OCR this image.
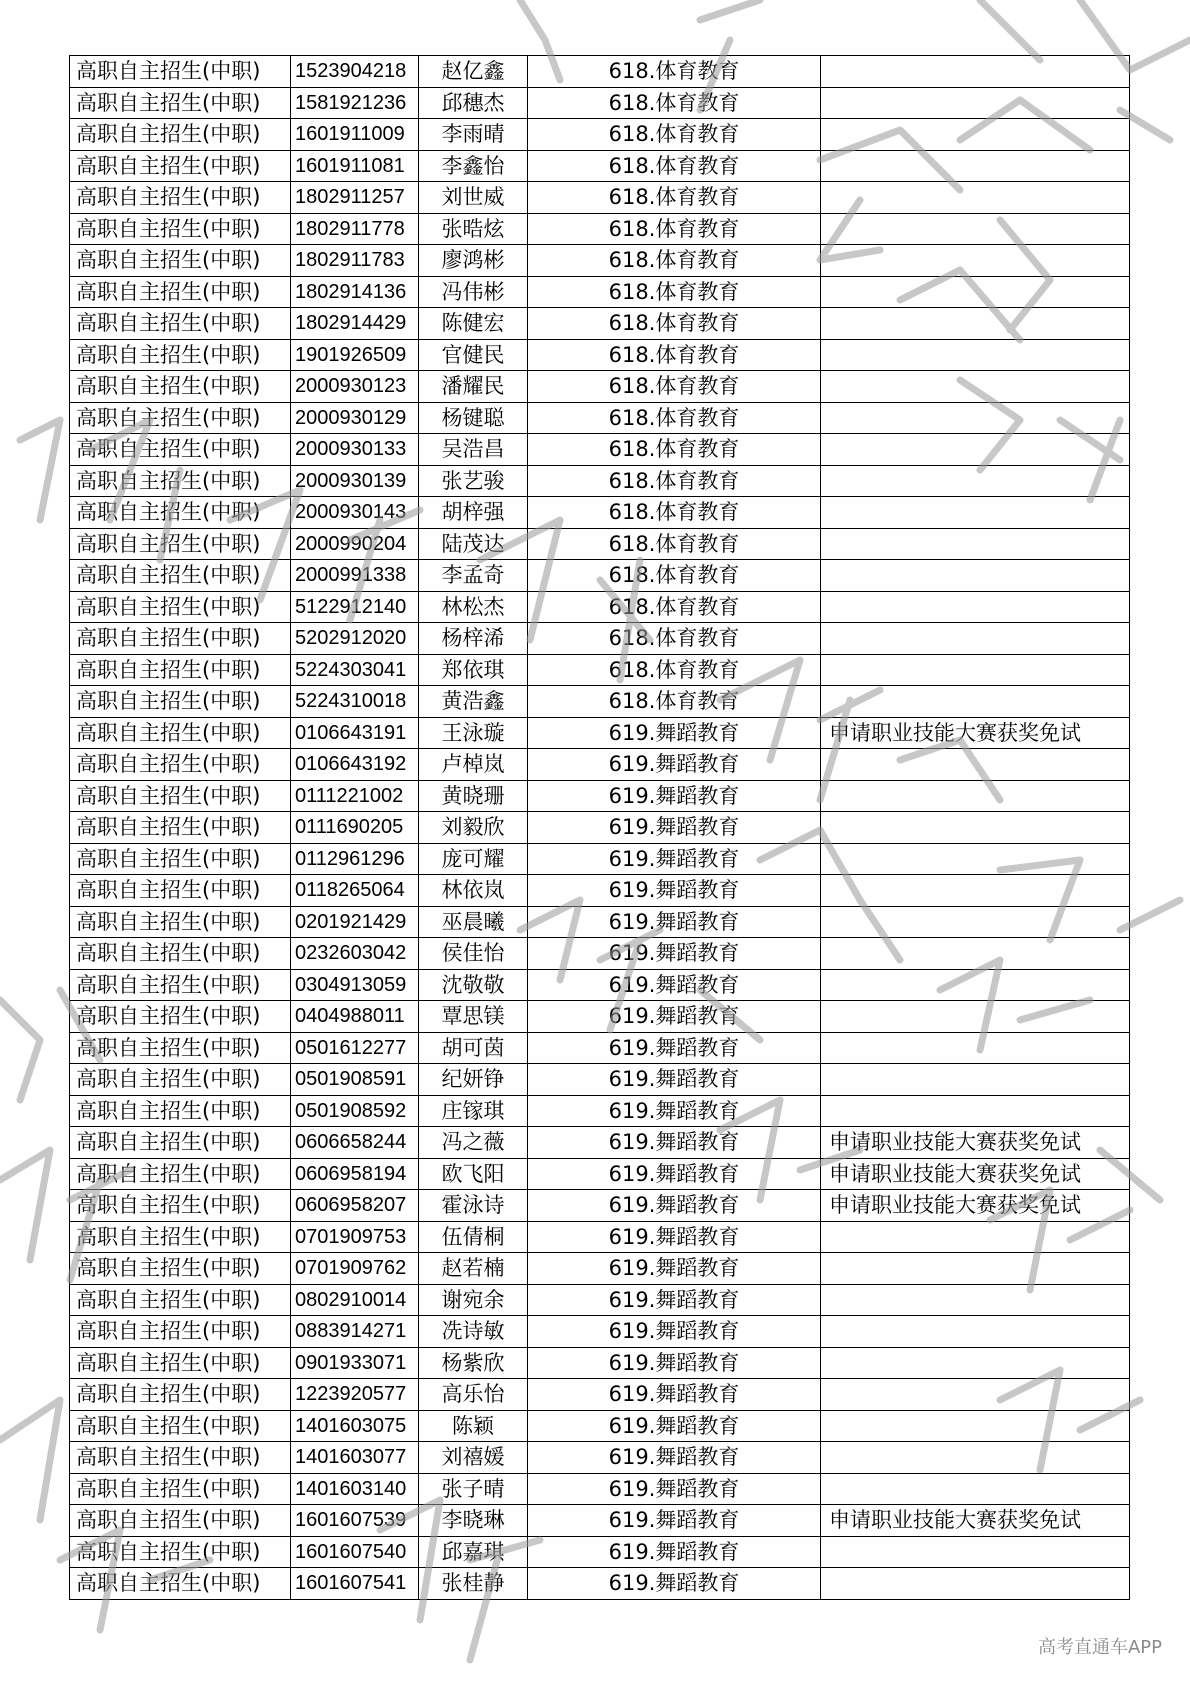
高职自主招生(中职)	1523904218	赵亿鑫	618.体育教育	
高职自主招生(中职)	1581921236	邱穗杰	618.体育教育	
高职自主招生(中职)	1601911009	李雨晴	618.体育教育	
高职自主招生(中职)	1601911081	李鑫怡	618.体育教育	
高职自主招生(中职)	1802911257	刘世威	618.体育教育	
高职自主招生(中职)	1802911778	张晧炫	618.体育教育	
高职自主招生(中职)	1802911783	廖鸿彬	618.体育教育	
高职自主招生(中职)	1802914136	冯伟彬	618.体育教育	
高职自主招生(中职)	1802914429	陈健宏	618.体育教育	
高职自主招生(中职)	1901926509	官健民	618.体育教育	
高职自主招生(中职)	2000930123	潘耀民	618.体育教育	
高职自主招生(中职)	2000930129	杨键聪	618.体育教育	
高职自主招生(中职)	2000930133	吴浩昌	618.体育教育	
高职自主招生(中职)	2000930139	张艺骏	618.体育教育	
高职自主招生(中职)	2000930143	胡梓强	618.体育教育	
高职自主招生(中职)	2000990204	陆茂达	618.体育教育	
高职自主招生(中职)	2000991338	李孟奇	618.体育教育	
高职自主招生(中职)	5122912140	林松杰	618.体育教育	
高职自主招生(中职)	5202912020	杨梓浠	618.体育教育	
高职自主招生(中职)	5224303041	郑依琪	618.体育教育	
高职自主招生(中职)	5224310018	黄浩鑫	618.体育教育	
高职自主招生(中职)	0106643191	王泳璇	619.舞蹈教育	申请职业技能大赛获奖免试
高职自主招生(中职)	0106643192	卢棹岚	619.舞蹈教育	
高职自主招生(中职)	0111221002	黄晓珊	619.舞蹈教育	
高职自主招生(中职)	0111690205	刘毅欣	619.舞蹈教育	
高职自主招生(中职)	0112961296	庞可耀	619.舞蹈教育	
高职自主招生(中职)	0118265064	林依岚	619.舞蹈教育	
高职自主招生(中职)	0201921429	巫晨曦	619.舞蹈教育	
高职自主招生(中职)	0232603042	侯佳怡	619.舞蹈教育	
高职自主招生(中职)	0304913059	沈敬敬	619.舞蹈教育	
高职自主招生(中职)	0404988011	覃思镁	619.舞蹈教育	
高职自主招生(中职)	0501612277	胡可茵	619.舞蹈教育	
高职自主招生(中职)	0501908591	纪妍铮	619.舞蹈教育	
高职自主招生(中职)	0501908592	庄镓琪	619.舞蹈教育	
高职自主招生(中职)	0606658244	冯之薇	619.舞蹈教育	申请职业技能大赛获奖免试
高职自主招生(中职)	0606958194	欧飞阳	619.舞蹈教育	申请职业技能大赛获奖免试
高职自主招生(中职)	0606958207	霍泳诗	619.舞蹈教育	申请职业技能大赛获奖免试
高职自主招生(中职)	0701909753	伍倩桐	619.舞蹈教育	
高职自主招生(中职)	0701909762	赵若楠	619.舞蹈教育	
高职自主招生(中职)	0802910014	谢宛余	619.舞蹈教育	
高职自主招生(中职)	0883914271	冼诗敏	619.舞蹈教育	
高职自主招生(中职)	0901933071	杨紫欣	619.舞蹈教育	
高职自主招生(中职)	1223920577	高乐怡	619.舞蹈教育	
高职自主招生(中职)	1401603075	陈颖	619.舞蹈教育	
高职自主招生(中职)	1401603077	刘禧媛	619.舞蹈教育	
高职自主招生(中职)	1401603140	张子晴	619.舞蹈教育	
高职自主招生(中职)	1601607539	李晓琳	619.舞蹈教育	申请职业技能大赛获奖免试
高职自主招生(中职)	1601607540	邱嘉琪	619.舞蹈教育	
高职自主招生(中职)	1601607541	张桂静	619.舞蹈教育	
高考直通车APP
